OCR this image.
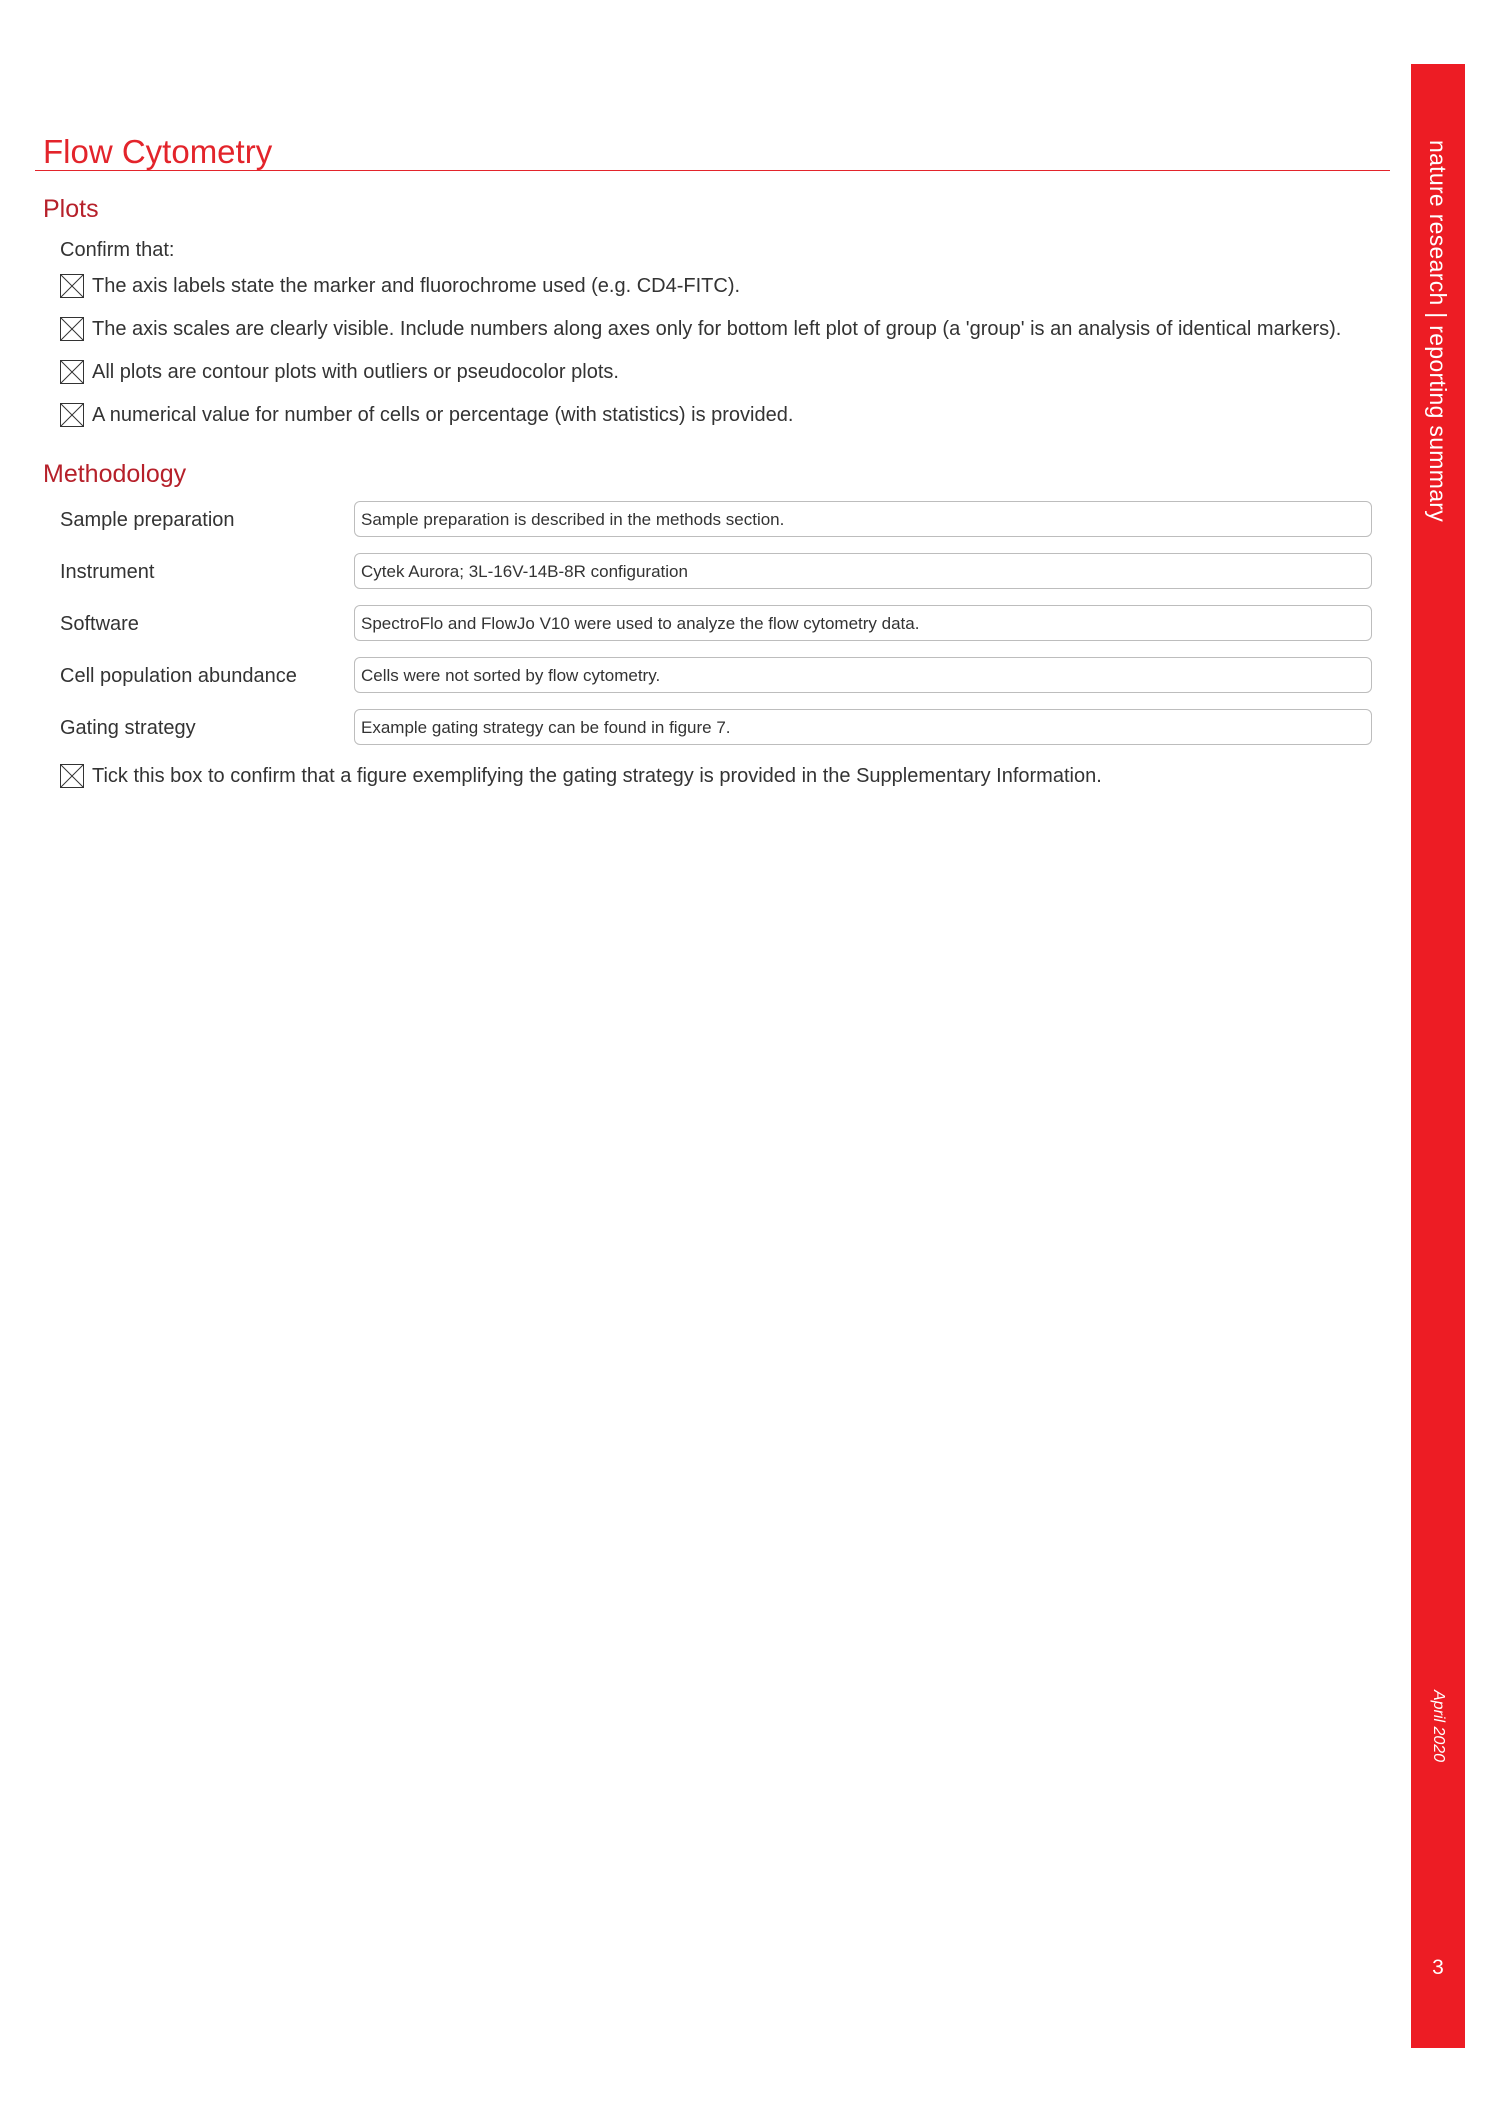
Flow Cytometry
Plots
Confirm that:
The axis labels state the marker and fluorochrome used (e.g. CD4-FITC).
The axis scales are clearly visible. Include numbers along axes only for bottom left plot of group (a 'group' is an analysis of identical markers).
All plots are contour plots with outliers or pseudocolor plots.
A numerical value for number of cells or percentage (with statistics) is provided.
Methodology
Sample preparation	Sample preparation is described in the methods section.
Instrument	Cytek Aurora; 3L-16V-14B-8R configuration
Software	SpectroFlo and FlowJo V10 were used to analyze the flow cytometry data.
Cell population abundance	Cells were not sorted by flow cytometry.
Gating strategy	Example gating strategy can be found in figure 7.
Tick this box to confirm that a figure exemplifying the gating strategy is provided in the Supplementary Information.
nature research | reporting summary
April 2020
3
